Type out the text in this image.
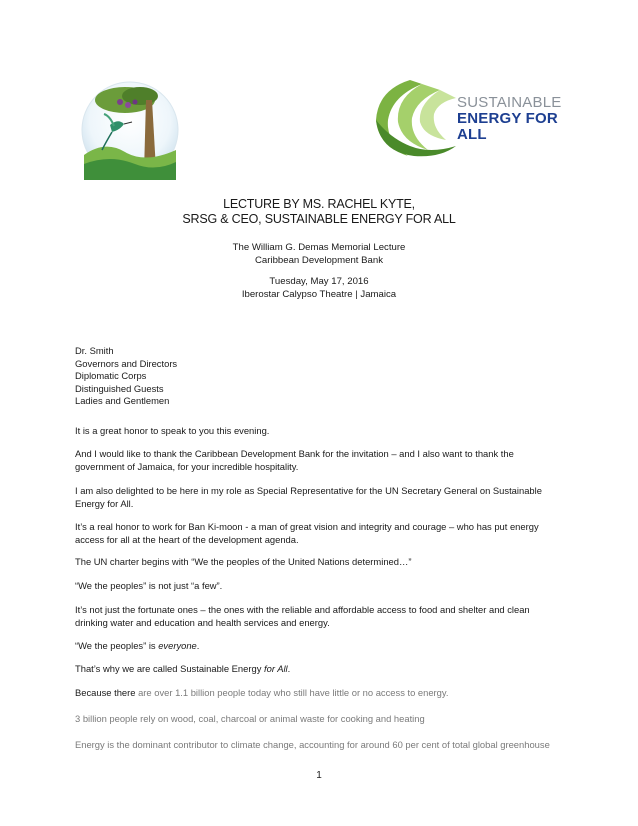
SUSTAINABLE
ENERGY FOR ALL
LECTURE BY MS. RACHEL KYTE,
SRSG & CEO, SUSTAINABLE ENERGY FOR ALL
The William G. Demas Memorial Lecture
Caribbean Development Bank
Tuesday, May 17, 2016
Iberostar Calypso Theatre | Jamaica
Dr. Smith
Governors and Directors
Diplomatic Corps
Distinguished Guests
Ladies and Gentlemen

It is a great honor to speak to you this evening.

And I would like to thank the Caribbean Development Bank for the invitation – and I also want to thank the government of Jamaica, for your incredible hospitality.

I am also delighted to be here in my role as Special Representative for the UN Secretary General on Sustainable Energy for All.

It’s a real honor to work for Ban Ki-moon - a man of great vision and integrity and courage – who has put energy access for all at the heart of the development agenda.

The UN charter begins with “We the peoples of the United Nations determined…”

“We the peoples” is not just “a few”.

It’s not just the fortunate ones – the ones with the reliable and affordable access to food and shelter and clean drinking water and education and health services and energy.

“We the peoples” is everyone.

That’s why we are called Sustainable Energy for All.

Because there are over 1.1 billion people today who still have little or no access to energy.

3 billion people rely on wood, coal, charcoal or animal waste for cooking and heating

Energy is the dominant contributor to climate change, accounting for around 60 per cent of total global greenhouse

1
